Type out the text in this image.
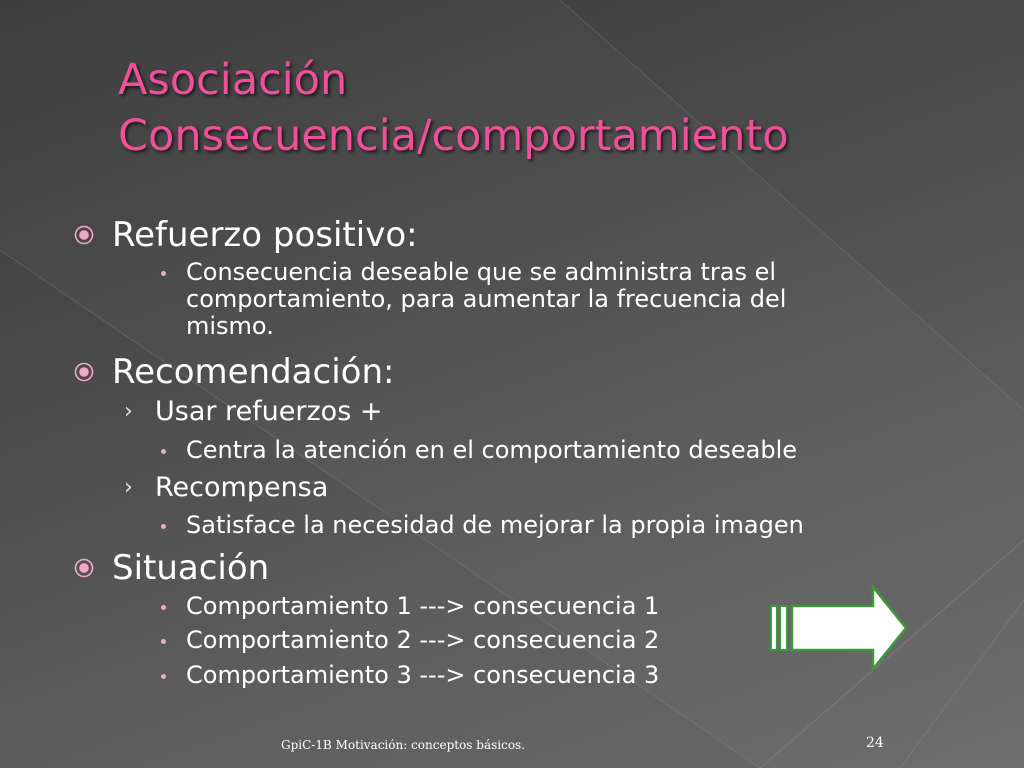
Asociación
Consecuencia/comportamiento
Refuerzo positivo:
Consecuencia deseable que se administra tras el
comportamiento, para aumentar la frecuencia del
mismo.
Recomendación:
› Usar refuerzos +
Centra la atención en el comportamiento deseable
› Recompensa
Satisface la necesidad de mejorar la propia imagen
Situación
Comportamiento 1 ---> consecuencia 1
Comportamiento 2 ---> consecuencia 2
Comportamiento 3 ---> consecuencia 3
GpiC-1B Motivación: conceptos básicos.	24
